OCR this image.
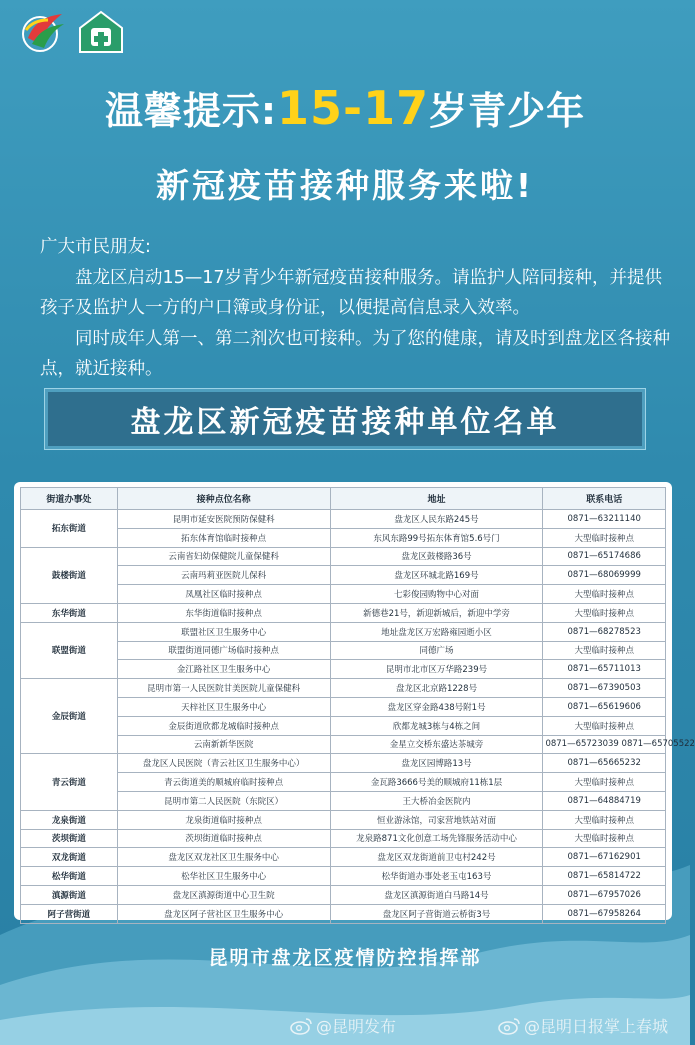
温馨提示:15-17岁青少年
新冠疫苗接种服务来啦!

广大市民朋友:

盘龙区启动15—17岁青少年新冠疫苗接种服务。请监护人陪同接种，并提供孩子及监护人一方的户口簿或身份证，以便提高信息录入效率。

同时成年人第一、第二剂次也可接种。为了您的健康，请及时到盘龙区各接种点，就近接种。

盘龙区新冠疫苗接种单位名单
街道办事处	接种点位名称	地址	联系电话
拓东街道	昆明市延安医院预防保健科	盘龙区人民东路245号	0871—63211140
	拓东体育馆临时接种点	东风东路99号拓东体育馆5.6号门	大型临时接种点
鼓楼街道	云南省妇幼保健院儿童保健科	盘龙区鼓楼路36号	0871—65174686
	云南玛莉亚医院儿保科	盘龙区环城北路169号	0871—68069999
	凤凰社区临时接种点	七彩俊园购物中心对面	大型临时接种点
东华街道	东华街道临时接种点	新德巷21号，新迎新城后，新迎中学旁	大型临时接种点
联盟街道	联盟社区卫生服务中心	地址盘龙区万宏路雍园逝小区	0871—68278523
	联盟街道同德广场临时接种点	同德广场	大型临时接种点
	金江路社区卫生服务中心	昆明市北市区万华路239号	0871—65711013
金辰街道	昆明市第一人民医院甘美医院儿童保健科	盘龙区北京路1228号	0871—67390503
	天梓社区卫生服务中心	盘龙区穿金路438号附1号	0871—65619606
	金辰街道欣都龙城临时接种点	欣都龙城3栋与4栋之间	大型临时接种点
	云南新新华医院	金星立交桥东盛达茶城旁	0871—65723039 0871—65705522
青云街道	盘龙区人民医院（青云社区卫生服务中心）	盘龙区园博路13号	0871—65665232
	青云街道美的顺城府临时接种点	金瓦路3666号美的顺城府11栋1层	大型临时接种点
	昆明市第二人民医院（东院区）	王大桥冶金医院内	0871—64884719
龙泉街道	龙泉街道临时接种点	恒业游泳馆，司家营地铁站对面	大型临时接种点
茨坝街道	茨坝街道临时接种点	龙泉路871文化创意工场先锋服务活动中心	大型临时接种点
双龙街道	盘龙区双龙社区卫生服务中心	盘龙区双龙街道前卫屯村242号	0871—67162901
松华街道	松华社区卫生服务中心	松华街道办事处老玉屯163号	0871—65814722
滇源街道	盘龙区滇源街道中心卫生院	盘龙区滇源街道白马路14号	0871—67957026
阿子营街道	盘龙区阿子营社区卫生服务中心	盘龙区阿子营街道云桥街3号	0871—67958264
昆明市盘龙区疫情防控指挥部
@昆明发布	@昆明日报掌上春城
